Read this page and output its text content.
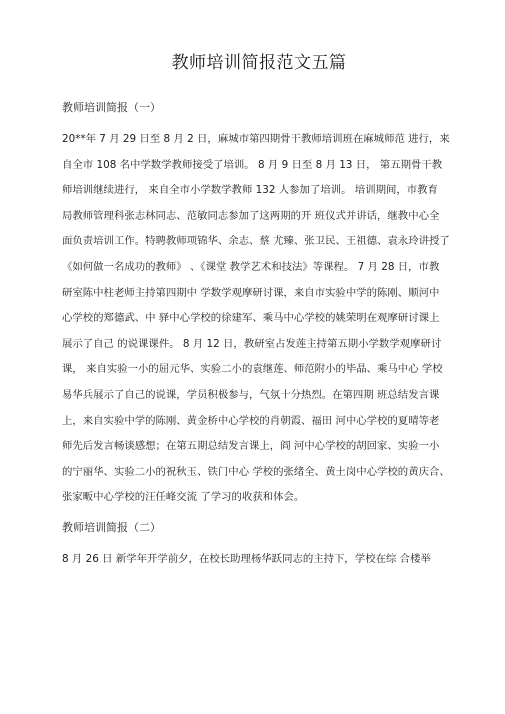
教师培训简报范文五篇
教师培训简报（一）
20**年 7 月 29 日至 8 月 2 日，麻城市第四期骨干教师培训班在麻城师范 进行，来
自全市 108 名中学数学教师接受了培训。 8 月 9 日至 8 月 13 日， 第五期骨干教
师培训继续进行， 来自全市小学数学教师 132 人参加了培训。 培训期间，市教育
局教师管理科张志林同志、范敏同志参加了这两期的开 班仪式并讲话，继教中心全
面负责培训工作。特聘教师项锦华、余志、蔡 尤臻、张卫民、王祖德、袁永玲讲授了
《如何做一名成功的教师》 、《课堂 教学艺术和技法》等课程。 7 月 28 日，市教
研室陈中柱老师主持第四期中 学数学观摩研讨课，来自市实验中学的陈刚、顺河中
心学校的郑德武、中 驿中心学校的徐建军、乘马中心学校的姚荣明在观摩研讨课上
展示了自己 的说课课件。 8 月 12 日，教研室占发莲主持第五期小学数学观摩研讨
课， 来自实验一小的屈元华、实验二小的袁继莲、师范附小的毕晶、乘马中心 学校
易华兵展示了自己的说课，学员积极参与，气氛十分热烈。在第四期 班总结发言课
上，来自实验中学的陈刚、黄金桥中心学校的肖朝霞、福田 河中心学校的夏晴等老
师先后发言畅谈感想；在第五期总结发言课上，阎 河中心学校的胡回家、实验一小
的宁丽华、实验二小的祝秋玉、铁门中心 学校的张绪全、黄土岗中心学校的黄庆合、
张家畈中心学校的汪任峰交流 了学习的收获和体会。
教师培训简报（二）
8 月 26 日 新学年开学前夕，在校长助理杨华跃同志的主持下，学校在综 合楼举
